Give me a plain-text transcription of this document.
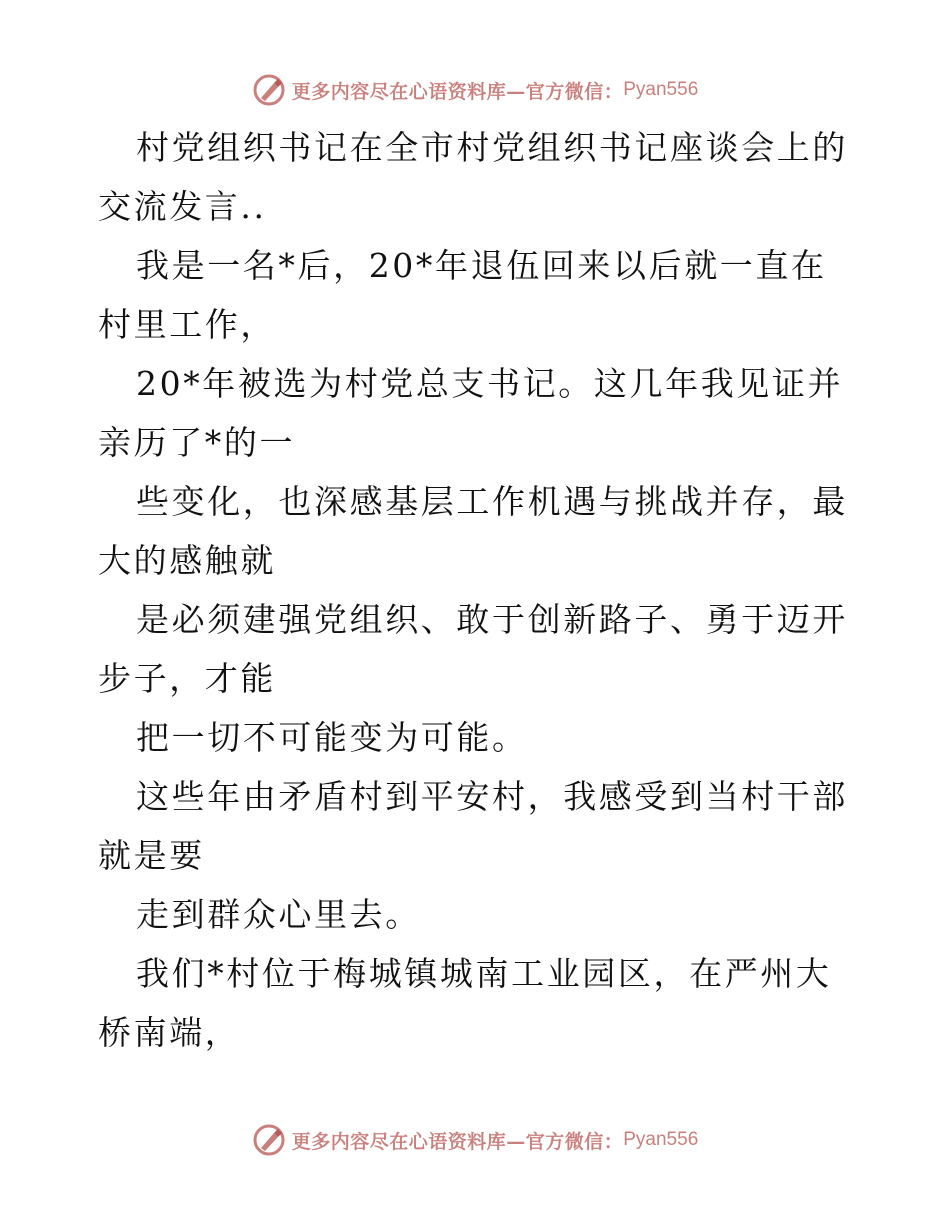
更多内容尽在心语资料库—官方微信： Pyan556

村党组织书记在全市村党组织书记座谈会上的交流发言..

我是一名*后，20*年退伍回来以后就一直在村里工作，

20*年被选为村党总支书记。这几年我见证并亲历了*的一

些变化，也深感基层工作机遇与挑战并存，最大的感触就

是必须建强党组织、敢于创新路子、勇于迈开步子，才能

把一切不可能变为可能。

这些年由矛盾村到平安村，我感受到当村干部就是要

走到群众心里去。

我们*村位于梅城镇城南工业园区，在严州大桥南端，

更多内容尽在心语资料库—官方微信： Pyan556
